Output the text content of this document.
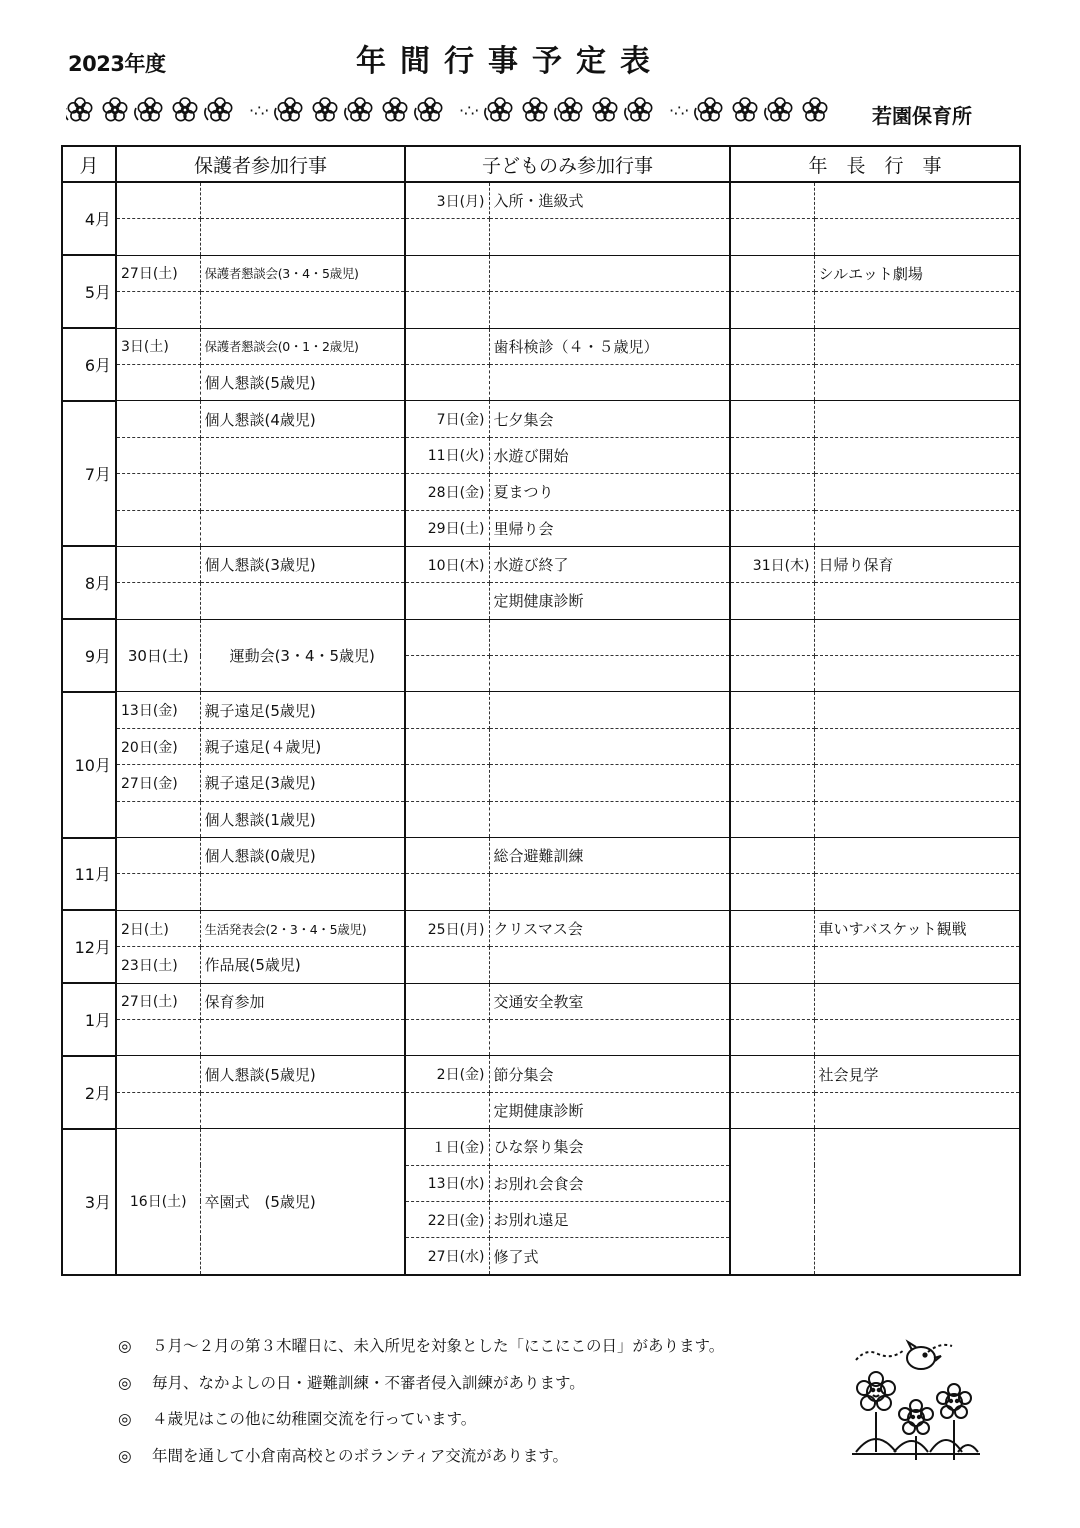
2023年度	年間行事予定表
若園保育所
·∴·	·∴·	·∴·
月	保護者参加行事		子どものみ参加行事		年　長　行　事	
4月			3日(月)	入所・進級式		

5月	27日(土)	保護者懇談会(3・4・5歳児)				シルエット劇場

6月	3日(土)	保護者懇談会(0・1・2歳児)		歯科検診（４・５歳児）		
		個人懇談(5歳児)				
7月		個人懇談(4歳児)	7日(金)	七夕集会		
			11日(火)	水遊び開始		
			28日(金)	夏まつり		
			29日(土)	里帰り会		
8月		個人懇談(3歳児)	10日(木)	水遊び終了	31日(木)	日帰り保育
				定期健康診断		
9月	30日(土)	運動会(3・4・5歳児)				

10月	13日(金)	親子遠足(5歳児)				
	20日(金)	親子遠足(４歳児)				
	27日(金)	親子遠足(3歳児)				
		個人懇談(1歳児)				
11月		個人懇談(0歳児)		総合避難訓練		

12月	2日(土)	生活発表会(2・3・4・5歳児)	25日(月)	クリスマス会		車いすバスケット観戦
	23日(土)	作品展(5歳児)				
1月	27日(土)	保育参加		交通安全教室		

2月		個人懇談(5歳児)	2日(金)	節分集会		社会見学
				定期健康診断		
3月	16日(土)	卒園式　(5歳児)	１日(金)	ひな祭り集会		
			13日(水)	お別れ会食会		
			22日(金)	お別れ遠足		
			27日(水)	修了式		
◎ ５月～２月の第３木曜日に、未入所児を対象とした「にこにこの日」があります。
◎ 毎月、なかよしの日・避難訓練・不審者侵入訓練があります。
◎ ４歳児はこの他に幼稚園交流を行っています。
◎ 年間を通して小倉南高校とのボランティア交流があります。
